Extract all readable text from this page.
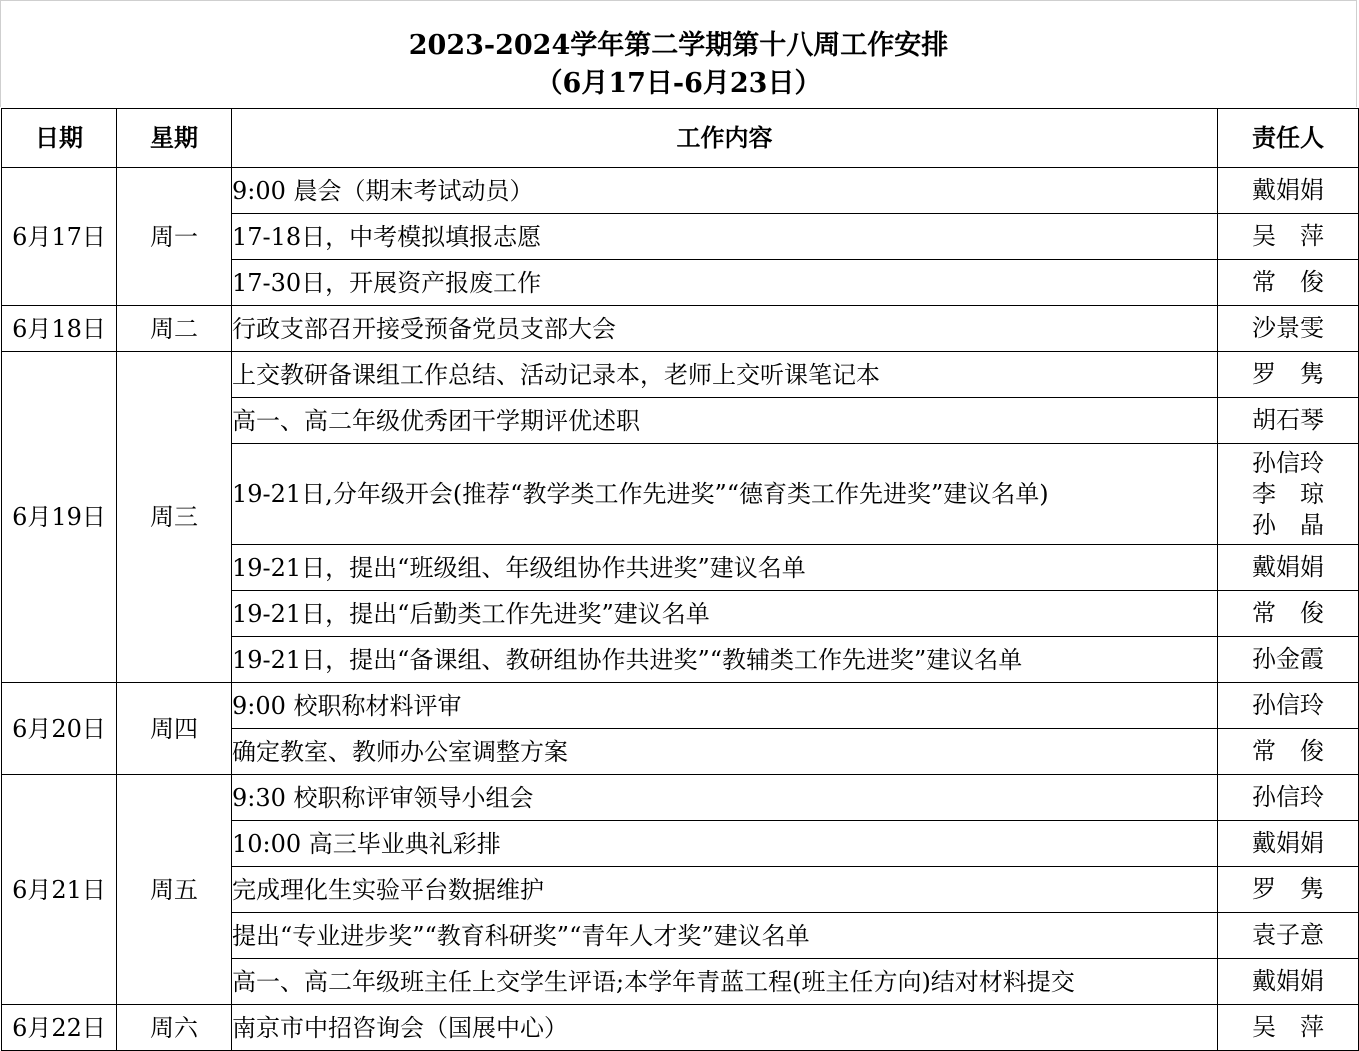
2023-2024学年第二学期第十八周工作安排
（6月17日-6月23日）
日期	星期	工作内容	责任人
6月17日	周一	9:00 晨会（期末考试动员）	戴娟娟

		17-18日，中考模拟填报志愿	吴　萍

		17-30日，开展资产报废工作	常　俊

6月18日	周二	行政支部召开接受预备党员支部大会	沙景雯

6月19日	周三	上交教研备课组工作总结、活动记录本，老师上交听课笔记本	罗　隽

		高一、高二年级优秀团干学期评优述职	胡石琴

		19-21日,分年级开会(推荐“教学类工作先进奖”“德育类工作先进奖”建议名单)	孙信玲
李　琼
孙　晶

		19-21日，提出“班级组、年级组协作共进奖”建议名单	戴娟娟

		19-21日，提出“后勤类工作先进奖”建议名单	常　俊

		19-21日，提出“备课组、教研组协作共进奖”“教辅类工作先进奖”建议名单	孙金霞

6月20日	周四	9:00 校职称材料评审	孙信玲

		确定教室、教师办公室调整方案	常　俊

6月21日	周五	9:30 校职称评审领导小组会	孙信玲

		10:00 高三毕业典礼彩排	戴娟娟

		完成理化生实验平台数据维护	罗　隽

		提出“专业进步奖”“教育科研奖”“青年人才奖”建议名单	袁子意

		高一、高二年级班主任上交学生评语;本学年青蓝工程(班主任方向)结对材料提交	戴娟娟

6月22日	周六	南京市中招咨询会（国展中心）	吴　萍
